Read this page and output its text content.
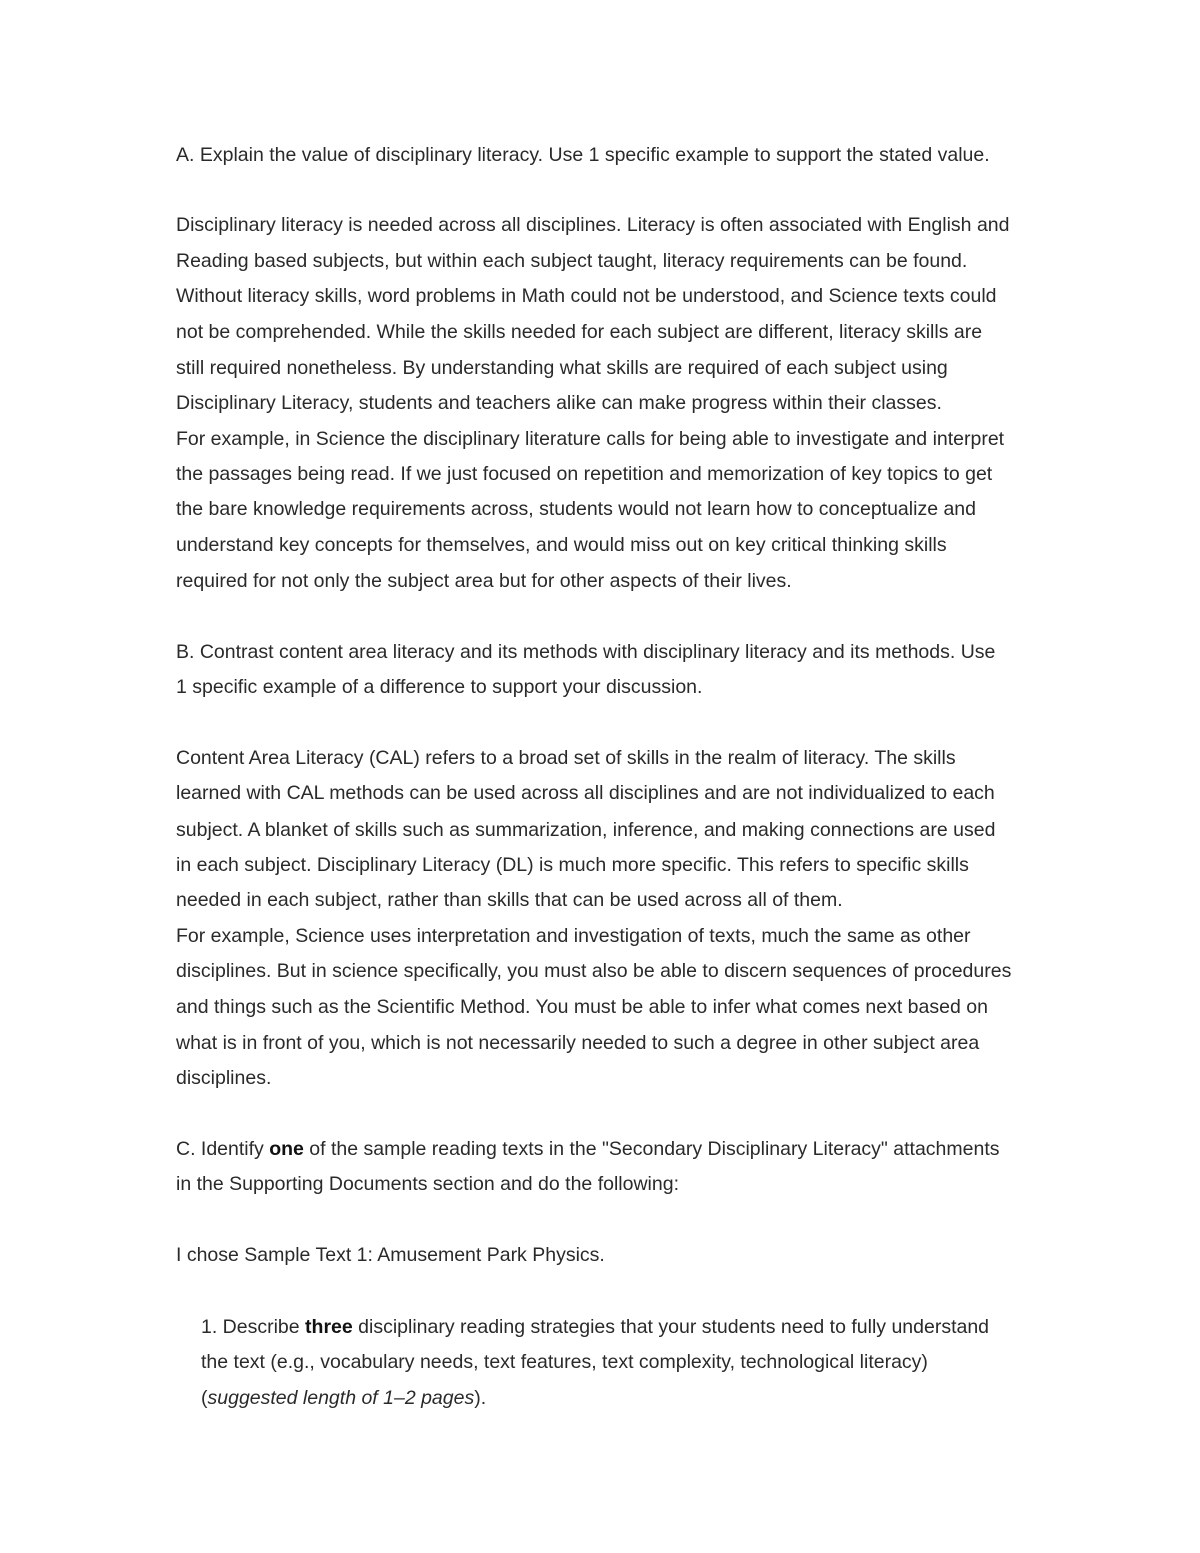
A. Explain the value of disciplinary literacy. Use 1 specific example to support the stated value.
Disciplinary literacy is needed across all disciplines. Literacy is often associated with English and
Reading based subjects, but within each subject taught, literacy requirements can be found.
Without literacy skills, word problems in Math could not be understood, and Science texts could
not be comprehended. While the skills needed for each subject are different, literacy skills are
still required nonetheless. By understanding what skills are required of each subject using
Disciplinary Literacy, students and teachers alike can make progress within their classes.
For example, in Science the disciplinary literature calls for being able to investigate and interpret
the passages being read. If we just focused on repetition and memorization of key topics to get
the bare knowledge requirements across, students would not learn how to conceptualize and
understand key concepts for themselves, and would miss out on key critical thinking skills
required for not only the subject area but for other aspects of their lives.
B. Contrast content area literacy and its methods with disciplinary literacy and its methods. Use
1 specific example of a difference to support your discussion.
Content Area Literacy (CAL) refers to a broad set of skills in the realm of literacy. The skills
learned with CAL methods can be used across all disciplines and are not individualized to each
subject. A blanket of skills such as summarization, inference, and making connections are used
in each subject. Disciplinary Literacy (DL) is much more specific. This refers to specific skills
needed in each subject, rather than skills that can be used across all of them.
For example, Science uses interpretation and investigation of texts, much the same as other
disciplines. But in science specifically, you must also be able to discern sequences of procedures
and things such as the Scientific Method. You must be able to infer what comes next based on
what is in front of you, which is not necessarily needed to such a degree in other subject area
disciplines.
C. Identify one of the sample reading texts in the "Secondary Disciplinary Literacy" attachments
in the Supporting Documents section and do the following:
I chose Sample Text 1: Amusement Park Physics.
1. Describe three disciplinary reading strategies that your students need to fully understand
the text (e.g., vocabulary needs, text features, text complexity, technological literacy)
(suggested length of 1–2 pages).
